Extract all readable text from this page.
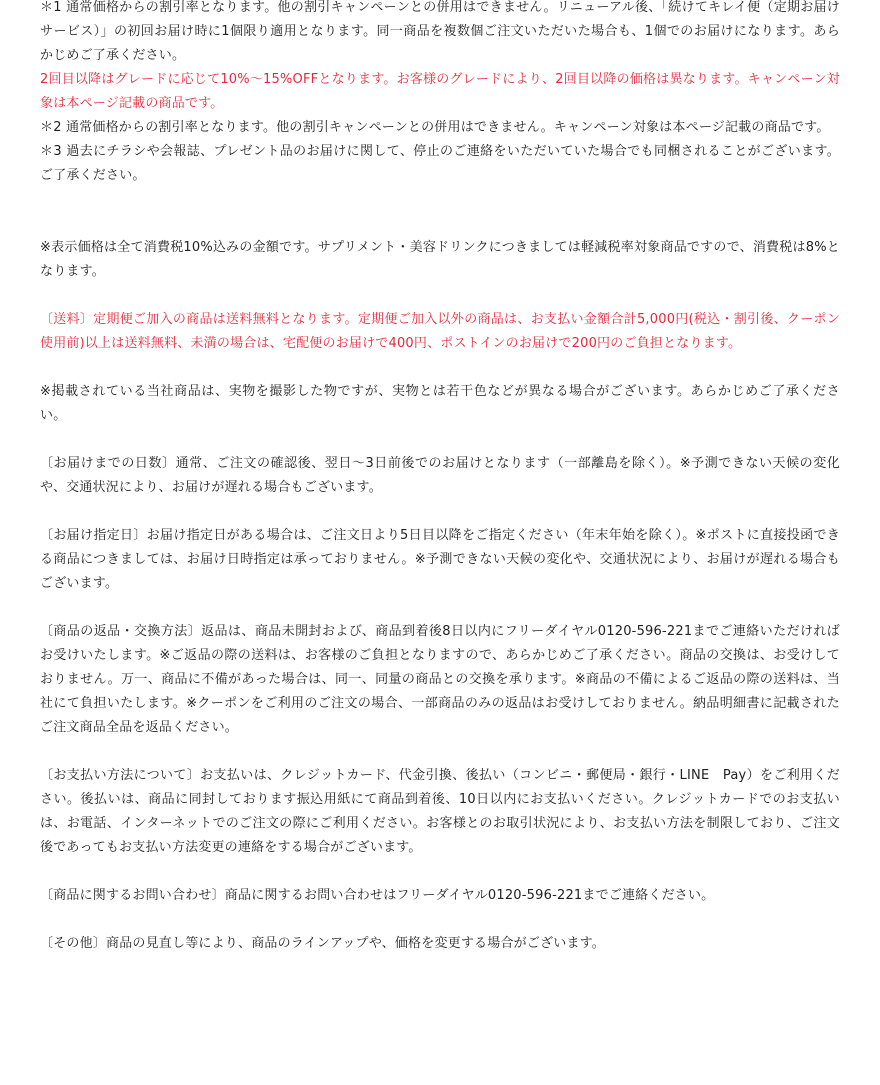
＊1 通常価格からの割引率となります。他の割引キャンペーンとの併用はできません。リニューアル後、「続けてキレイ便（定期お届けサービス）」の初回お届け時に1個限り適用となります。同一商品を複数個ご注文いただいた場合も、1個でのお届けになります。あらかじめご了承ください。

2回目以降はグレードに応じて10%〜15%OFFとなります。お客様のグレードにより、2回目以降の価格は異なります。キャンペーン対象は本ページ記載の商品です。

＊2 通常価格からの割引率となります。他の割引キャンペーンとの併用はできません。キャンペーン対象は本ページ記載の商品です。

＊3 過去にチラシや会報誌、プレゼント品のお届けに関して、停止のご連絡をいただいていた場合でも同梱されることがございます。ご了承ください。

※表示価格は全て消費税10%込みの金額です。サプリメント・美容ドリンクにつきましては軽減税率対象商品ですので、消費税は8%となります。

〔送料〕定期便ご加入の商品は送料無料となります。定期便ご加入以外の商品は、お支払い金額合計5,000円(税込・割引後、クーポン使用前)以上は送料無料、未満の場合は、宅配便のお届けで400円、ポストインのお届けで200円のご負担となります。

※掲載されている当社商品は、実物を撮影した物ですが、実物とは若干色などが異なる場合がございます。あらかじめご了承ください。

〔お届けまでの日数〕通常、ご注文の確認後、翌日〜3日前後でのお届けとなります（一部離島を除く）。※予測できない天候の変化や、交通状況により、お届けが遅れる場合もございます。

〔お届け指定日〕お届け指定日がある場合は、ご注文日より5日目以降をご指定ください（年末年始を除く）。※ポストに直接投函できる商品につきましては、お届け日時指定は承っておりません。※予測できない天候の変化や、交通状況により、お届けが遅れる場合もございます。

〔商品の返品・交換方法〕返品は、商品未開封および、商品到着後8日以内にフリーダイヤル0120-596-221までご連絡いただければお受けいたします。※ご返品の際の送料は、お客様のご負担となりますので、あらかじめご了承ください。商品の交換は、お受けしておりません。万一、商品に不備があった場合は、同一、同量の商品との交換を承ります。※商品の不備によるご返品の際の送料は、当社にて負担いたします。※クーポンをご利用のご注文の場合、一部商品のみの返品はお受けしておりません。納品明細書に記載されたご注文商品全品を返品ください。

〔お支払い方法について〕お支払いは、クレジットカード、代金引換、後払い（コンビニ・郵便局・銀行・LINE　Pay）をご利用ください。後払いは、商品に同封しております振込用紙にて商品到着後、10日以内にお支払いください。クレジットカードでのお支払いは、お電話、インターネットでのご注文の際にご利用ください。お客様とのお取引状況により、お支払い方法を制限しており、ご注文後であってもお支払い方法変更の連絡をする場合がございます。

〔商品に関するお問い合わせ〕商品に関するお問い合わせはフリーダイヤル0120-596-221までご連絡ください。

〔その他〕商品の見直し等により、商品のラインアップや、価格を変更する場合がございます。
